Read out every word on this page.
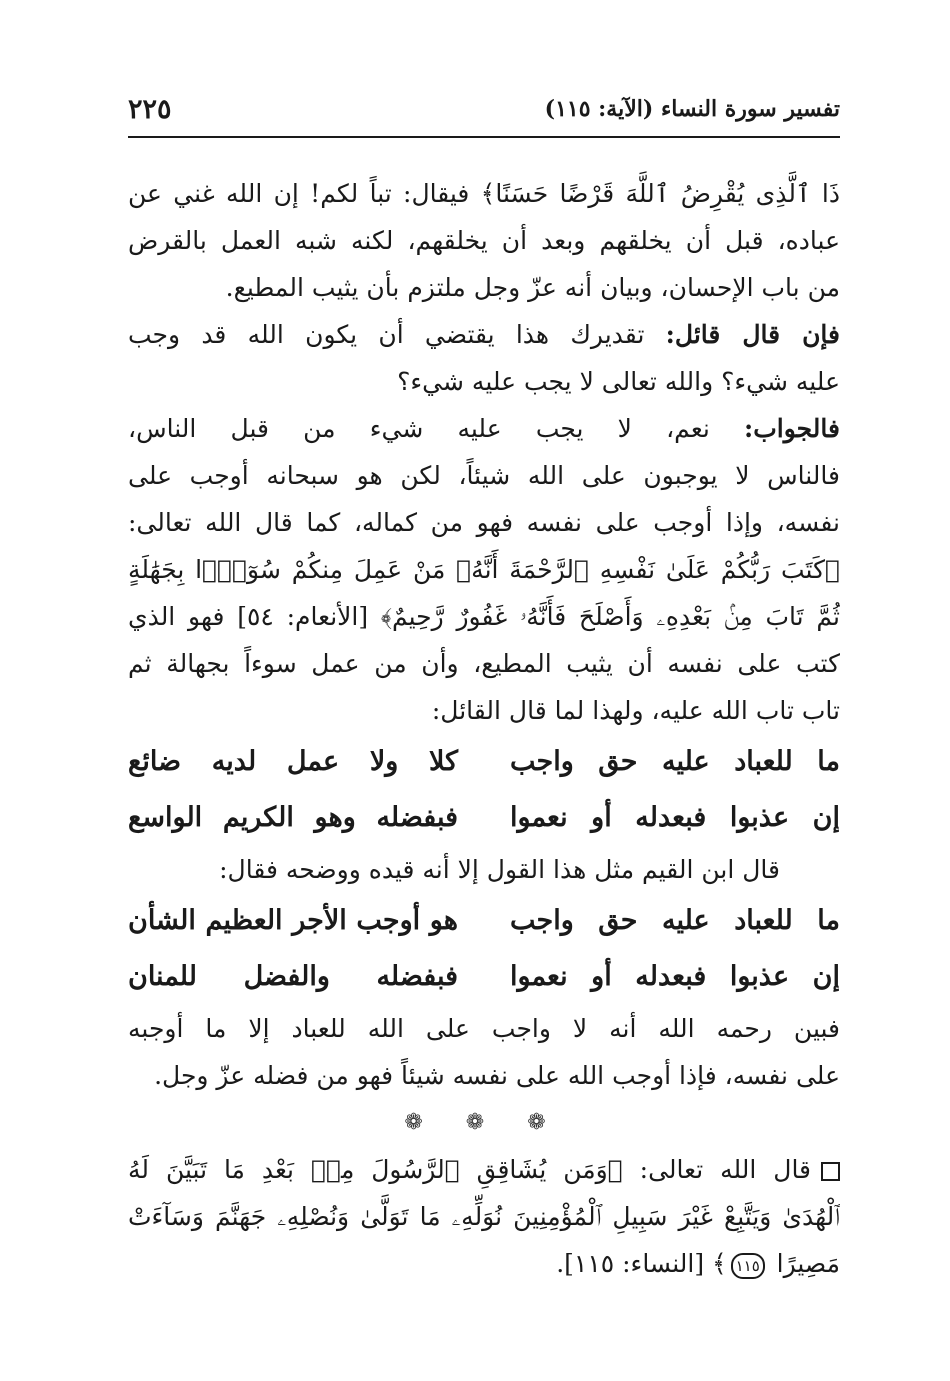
٢٢٥	تفسير سورة النساء (الآية: ١١٥)
ذَا ٱلَّذِى يُقْرِضُ ٱللَّهَ قَرْضًا حَسَنًا﴾ فيقال: تباً لكم! إن الله غني عن
عباده، قبل أن يخلقهم وبعد أن يخلقهم، لكنه شبه العمل بالقرض
من باب الإحسان، وبيان أنه عزّ وجل ملتزم بأن يثيب المطيع.
فإن قال قائل: تقديرك هذا يقتضي أن يكون الله قد وجب
عليه شيء؟ والله تعالى لا يجب عليه شيء؟
فالجواب: نعم، لا يجب عليه شيء من قبل الناس،
فالناس لا يوجبون على الله شيئاً، لكن هو سبحانه أوجب على
نفسه، وإذا أوجب على نفسه فهو من كماله، كما قال الله تعالى:
﴿كَتَبَ رَبُّكُمْ عَلَىٰ نَفْسِهِ ٱلرَّحْمَةَ أَنَّهُۥ مَنْ عَمِلَ مِنكُمْ سُوٓءًۢا بِجَهَٰلَةٍ
ثُمَّ تَابَ مِنۢ بَعْدِهِۦ وَأَصْلَحَ فَأَنَّهُۥ غَفُورٌ رَّحِيمٌ﴾ [الأنعام: ٥٤] فهو الذي
كتب على نفسه أن يثيب المطيع، وأن من عمل سوءاً بجهالة ثم
تاب تاب الله عليه، ولهذا لما قال القائل:
ما للعباد عليه حق واجبكلا ولا عمل لديه ضائع
إن عذبوا فبعدله أو نعموافبفضله وهو الكريم الواسع
قال ابن القيم مثل هذا القول إلا أنه قيده ووضحه فقال:
ما للعباد عليه حق واجبهو أوجب الأجر العظيم الشأن
إن عذبوا فبعدله أو نعموافبفضله والفضل للمنان
فبين رحمه الله أنه لا واجب على الله للعباد إلا ما أوجبه
على نفسه، فإذا أوجب الله على نفسه شيئاً فهو من فضله عزّ وجل.
❁ ❁ ❁
قال الله تعالى: ﴿وَمَن يُشَاقِقِ ٱلرَّسُولَ مِنۢ بَعْدِ مَا تَبَيَّنَ لَهُ
ٱلْهُدَىٰ وَيَتَّبِعْ غَيْرَ سَبِيلِ ٱلْمُؤْمِنِينَ نُوَلِّهِۦ مَا تَوَلَّىٰ وَنُصْلِهِۦ جَهَنَّمَ وَسَآءَتْ
مَصِيرًا ١١٥﴾ [النساء: ١١٥].
